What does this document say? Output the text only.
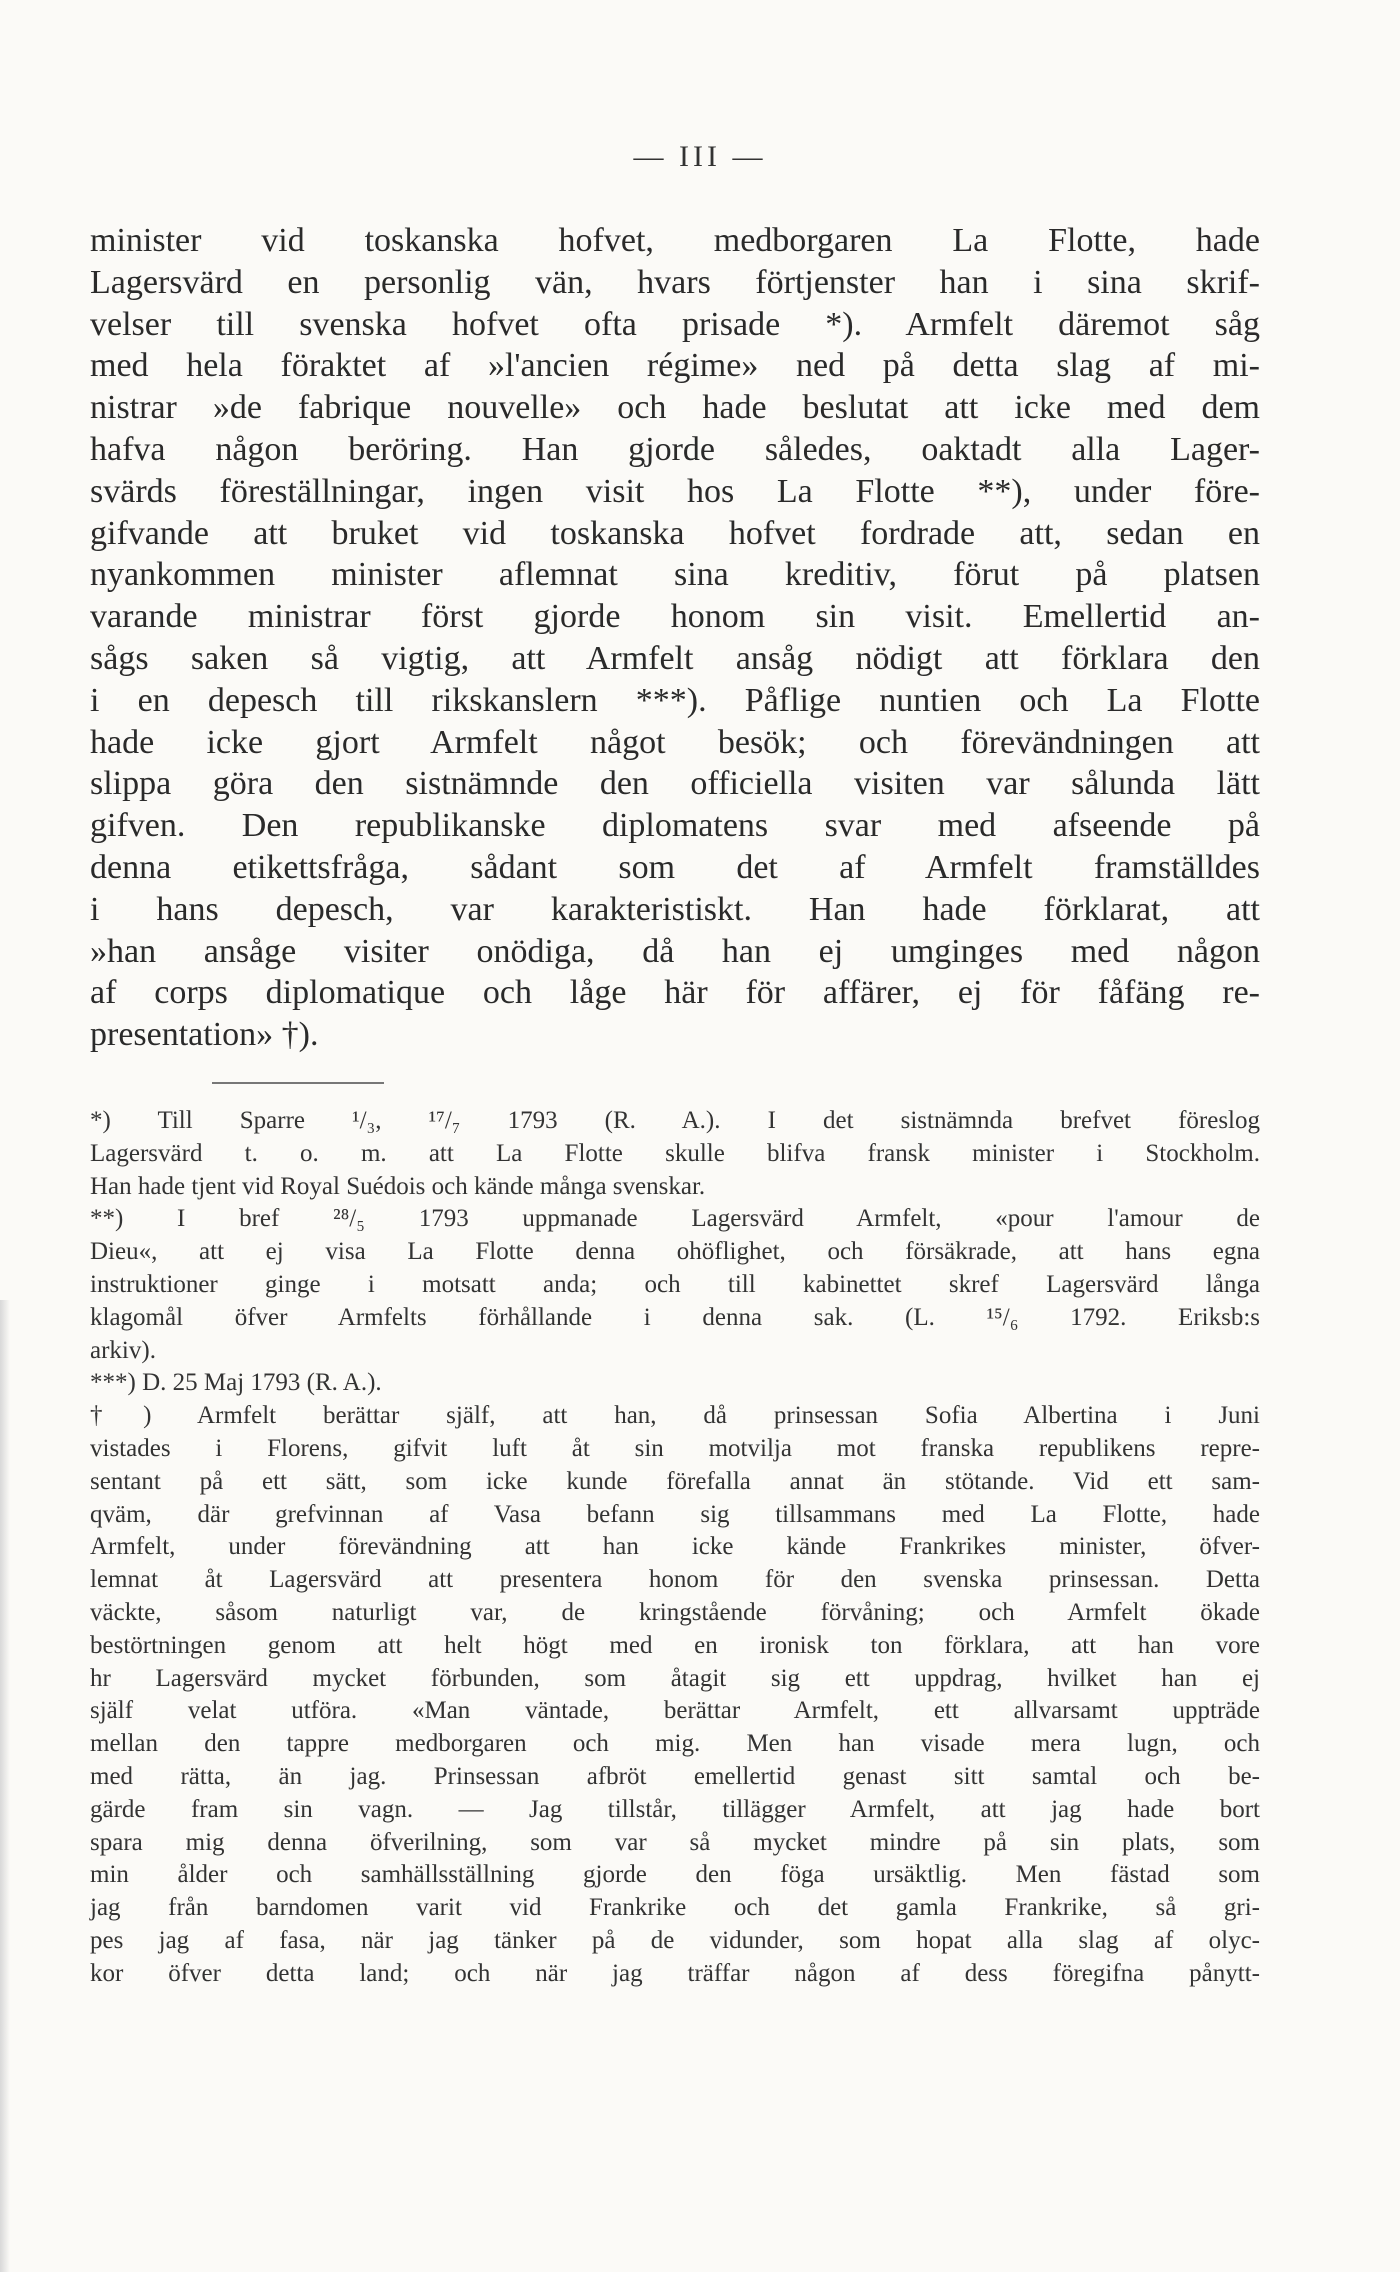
— III —
minister vid toskanska hofvet, medborgaren La Flotte, hade
Lagersvärd en personlig vän, hvars förtjenster han i sina skrif-
velser till svenska hofvet ofta prisade *). Armfelt däremot såg
med hela föraktet af »l'ancien régime» ned på detta slag af mi-
nistrar »de fabrique nouvelle» och hade beslutat att icke med dem
hafva någon beröring. Han gjorde således, oaktadt alla Lager-
svärds föreställningar, ingen visit hos La Flotte **), under före-
gifvande att bruket vid toskanska hofvet fordrade att, sedan en
nyankommen minister aflemnat sina kreditiv, förut på platsen
varande ministrar först gjorde honom sin visit. Emellertid an-
sågs saken så vigtig, att Armfelt ansåg nödigt att förklara den
i en depesch till rikskanslern ***). Påflige nuntien och La Flotte
hade icke gjort Armfelt något besök; och förevändningen att
slippa göra den sistnämnde den officiella visiten var sålunda lätt
gifven. Den republikanske diplomatens svar med afseende på
denna etikettsfråga, sådant som det af Armfelt framställdes
i hans depesch, var karakteristiskt. Han hade förklarat, att
»han ansåge visiter onödiga, då han ej umginges med någon
af corps diplomatique och låge här för affärer, ej för fåfäng re-
presentation» †).
*) Till Sparre ¹/₃, ¹⁷/₇ 1793 (R. A.). I det sistnämnda brefvet föreslog
Lagersvärd t. o. m. att La Flotte skulle blifva fransk minister i Stockholm.
Han hade tjent vid Royal Suédois och kände många svenskar.
**) I bref ²⁸/₅ 1793 uppmanade Lagersvärd Armfelt, «pour l'amour de
Dieu«, att ej visa La Flotte denna ohöflighet, och försäkrade, att hans egna
instruktioner ginge i motsatt anda; och till kabinettet skref Lagersvärd långa
klagomål öfver Armfelts förhållande i denna sak. (L. ¹⁵/₆ 1792. Eriksb:s
arkiv).
***) D. 25 Maj 1793 (R. A.).
†) Armfelt berättar själf, att han, då prinsessan Sofia Albertina i Juni
vistades i Florens, gifvit luft åt sin motvilja mot franska republikens repre-
sentant på ett sätt, som icke kunde förefalla annat än stötande. Vid ett sam-
qväm, där grefvinnan af Vasa befann sig tillsammans med La Flotte, hade
Armfelt, under förevändning att han icke kände Frankrikes minister, öfver-
lemnat åt Lagersvärd att presentera honom för den svenska prinsessan. Detta
väckte, såsom naturligt var, de kringstående förvåning; och Armfelt ökade
bestörtningen genom att helt högt med en ironisk ton förklara, att han vore
hr Lagersvärd mycket förbunden, som åtagit sig ett uppdrag, hvilket han ej
själf velat utföra. «Man väntade, berättar Armfelt, ett allvarsamt uppträde
mellan den tappre medborgaren och mig. Men han visade mera lugn, och
med rätta, än jag. Prinsessan afbröt emellertid genast sitt samtal och be-
gärde fram sin vagn. — Jag tillstår, tillägger Armfelt, att jag hade bort
spara mig denna öfverilning, som var så mycket mindre på sin plats, som
min ålder och samhällsställning gjorde den föga ursäktlig. Men fästad som
jag från barndomen varit vid Frankrike och det gamla Frankrike, så gri-
pes jag af fasa, när jag tänker på de vidunder, som hopat alla slag af olyc-
kor öfver detta land; och när jag träffar någon af dess föregifna pånytt-
